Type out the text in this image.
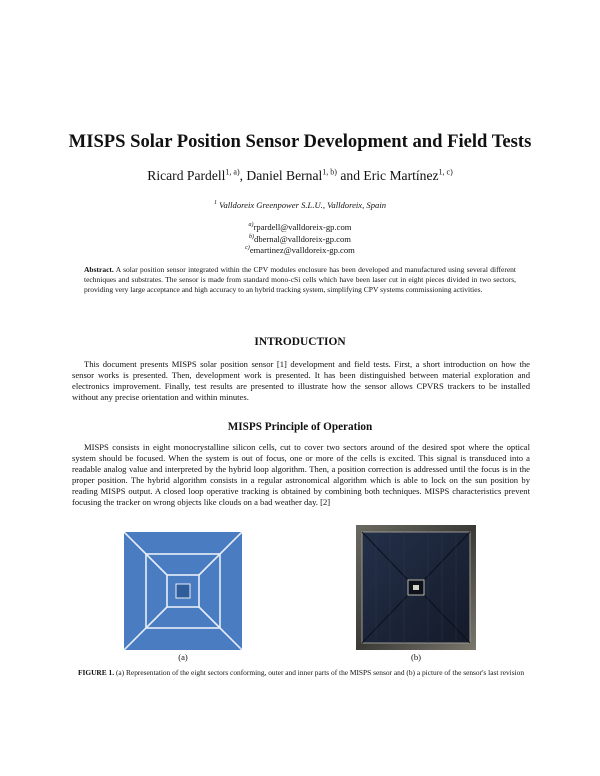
MISPS Solar Position Sensor Development and Field Tests
Ricard Pardell$^{1, a)}$, Daniel Bernal$^{1, b)}$ and Eric Martínez$^{1, c)}$
$^1$ Valldoreix Greenpower S.L.U., Valldoreix, Spain
$^{a)}$rpardell@valldoreix-gp.com
$^{b)}$dbernal@valldoreix-gp.com
$^{c)}$emartinez@valldoreix-gp.com
Abstract. A solar position sensor integrated within the CPV modules enclosure has been developed and manufactured using several different techniques and substrates. The sensor is made from standard mono-cSi cells which have been laser cut in eight pieces divided in two sectors, providing very large acceptance and high accuracy to an hybrid tracking system, simplifying CPV systems commissioning activities.
INTRODUCTION
This document presents MISPS solar position sensor [1] development and field tests. First, a short introduction on how the sensor works is presented. Then, development work is presented. It has been distinguished between material exploration and electronics improvement. Finally, test results are presented to illustrate how the sensor allows CPVRS trackers to be installed without any precise orientation and within minutes.
MISPS Principle of Operation
MISPS consists in eight monocrystalline silicon cells, cut to cover two sectors around of the desired spot where the optical system should be focused. When the system is out of focus, one or more of the cells is excited. This signal is transduced into a readable analog value and interpreted by the hybrid loop algorithm. Then, a position correction is addressed until the focus is in the proper position. The hybrid algorithm consists in a regular astronomical algorithm which is able to lock on the sun position by reading MISPS output. A closed loop operative tracking is obtained by combining both techniques. MISPS characteristics prevent focusing the tracker on wrong objects like clouds on a bad weather day. [2]
(a)	(b)
FIGURE 1. (a) Representation of the eight sectors conforming, outer and inner parts of the MISPS sensor and (b) a picture of the sensor's last revision
